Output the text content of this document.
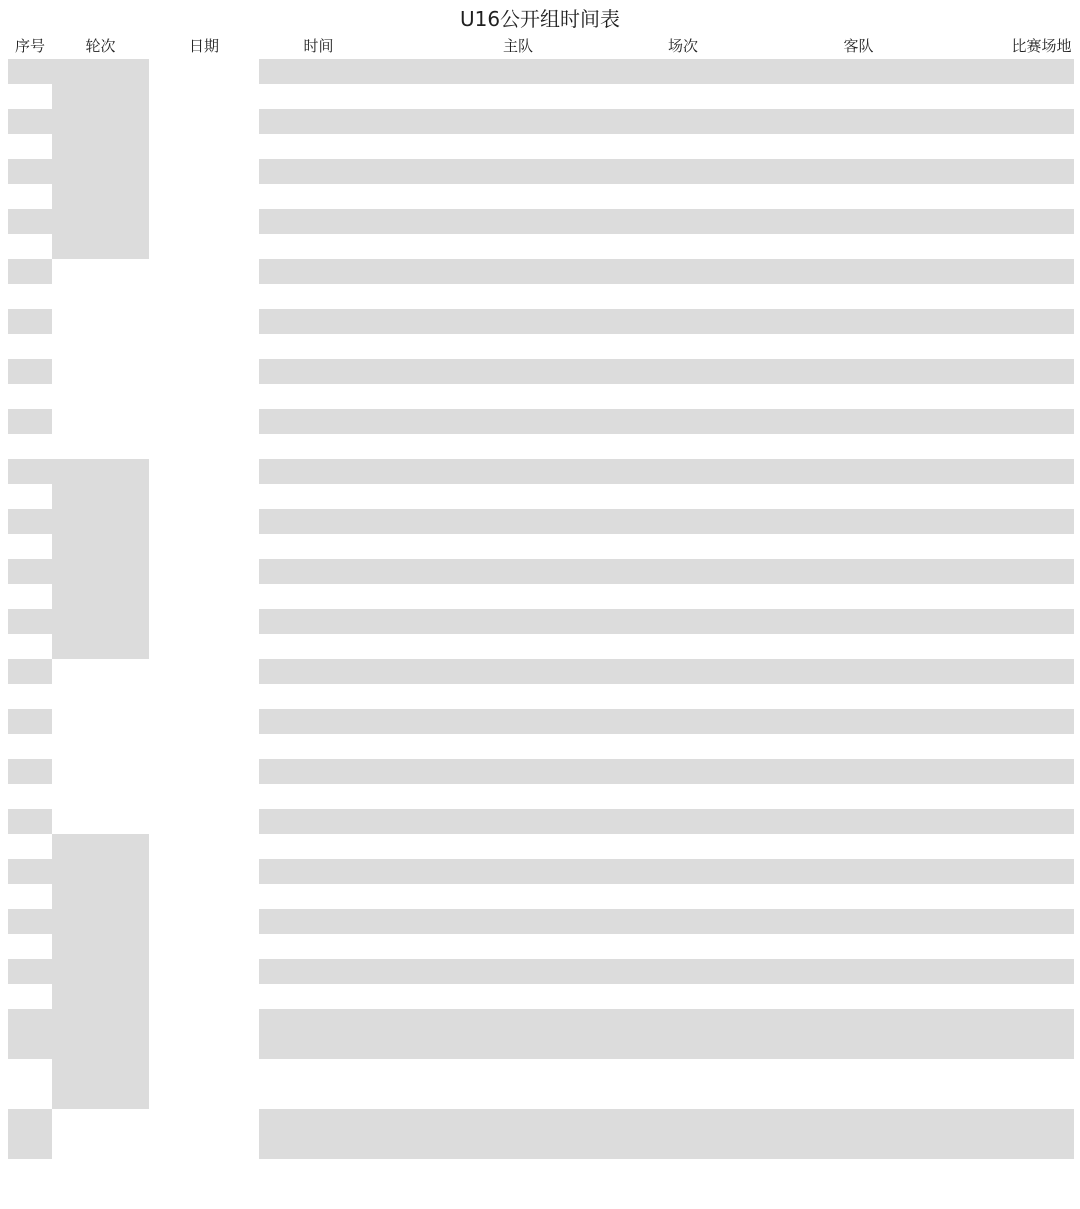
U16公开组时间表
序号	轮次	日期	时间	主队	场次	客队	比赛场地
